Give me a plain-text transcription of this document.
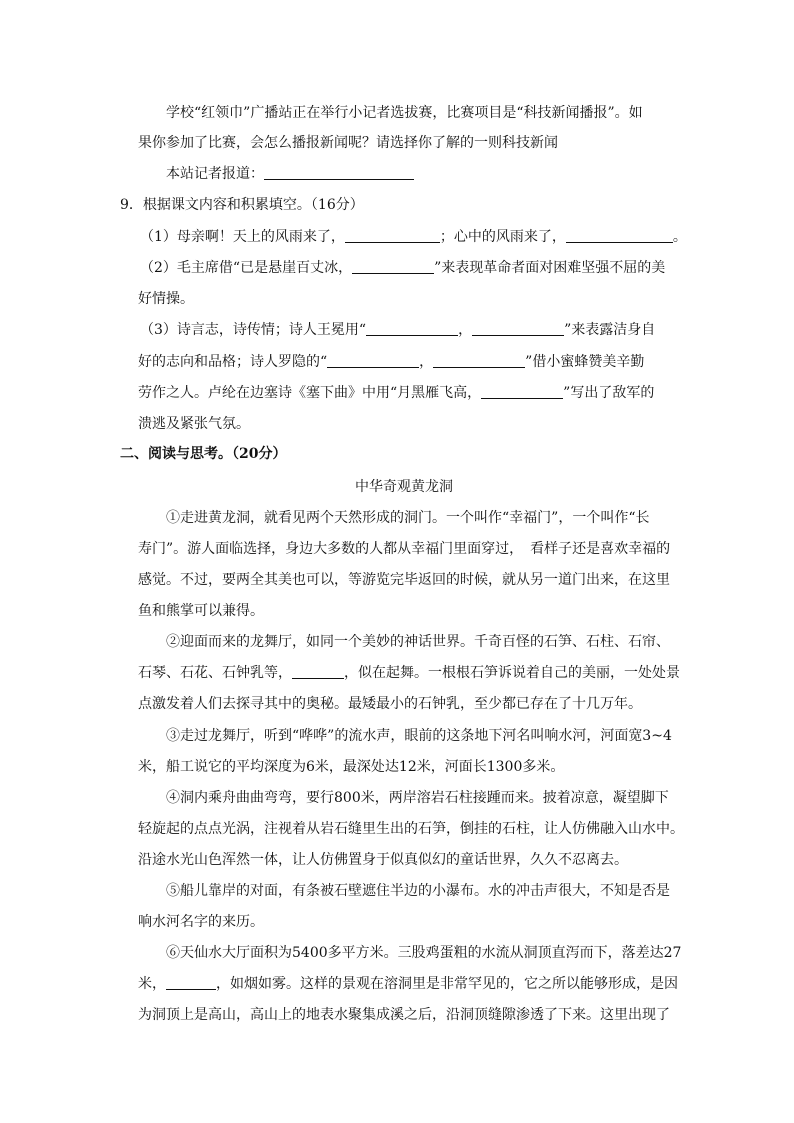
学校“红领巾”广播站正在举行小记者选拔赛，比赛项目是“科技新闻播报”。如
果你参加了比赛，会怎么播报新闻呢？请选择你了解的一则科技新闻
本站记者报道：
9．根据课文内容和积累填空。（16分）
（1）母亲啊！天上的风雨来了，	；心中的风雨来了，	。
（2）毛主席借“已是悬崖百丈冰，	”来表现革命者面对困难坚强不屈的美
好情操。
（3）诗言志，诗传情；诗人王冕用“	，	”来表露洁身自
好的志向和品格；诗人罗隐的“	，	”借小蜜蜂赞美辛勤
劳作之人。卢纶在边塞诗《塞下曲》中用“月黑雁飞高，	”写出了敌军的
溃逃及紧张气氛。
二、阅读与思考。（20分）
中华奇观黄龙洞
①走进黄龙洞，就看见两个天然形成的洞门。一个叫作“幸福门”，一个叫作“长
寿门”。游人面临选择，身边大多数的人都从幸福门里面穿过，　看样子还是喜欢幸福的
感觉。不过，要两全其美也可以，等游览完毕返回的时候，就从另一道门出来，在这里
鱼和熊掌可以兼得。
②迎面而来的龙舞厅，如同一个美妙的神话世界。千奇百怪的石笋、石柱、石帘、
石琴、石花、石钟乳等，	，似在起舞。一根根石笋诉说着自己的美丽，一处处景
点激发着人们去探寻其中的奥秘。最矮最小的石钟乳，至少都已存在了十几万年。
③走过龙舞厅，听到“哗哗”的流水声，眼前的这条地下河名叫响水河，河面宽3~4
米，船工说它的平均深度为6米，最深处达12米，河面长1300多米。
④洞内乘舟曲曲弯弯，要行800米，两岸溶岩石柱接踵而来。披着凉意，凝望脚下
轻旋起的点点光涡，注视着从岩石缝里生出的石笋，倒挂的石柱，让人仿佛融入山水中。
沿途水光山色浑然一体，让人仿佛置身于似真似幻的童话世界，久久不忍离去。
⑤船儿靠岸的对面，有条被石壁遮住半边的小瀑布。水的冲击声很大，不知是否是
响水河名字的来历。
⑥天仙水大厅面积为5400多平方米。三股鸡蛋粗的水流从洞顶直泻而下，落差达27
米，	，如烟如雾。这样的景观在溶洞里是非常罕见的，它之所以能够形成，是因
为洞顶上是高山，高山上的地表水聚集成溪之后，沿洞顶缝隙渗透了下来。这里出现了
